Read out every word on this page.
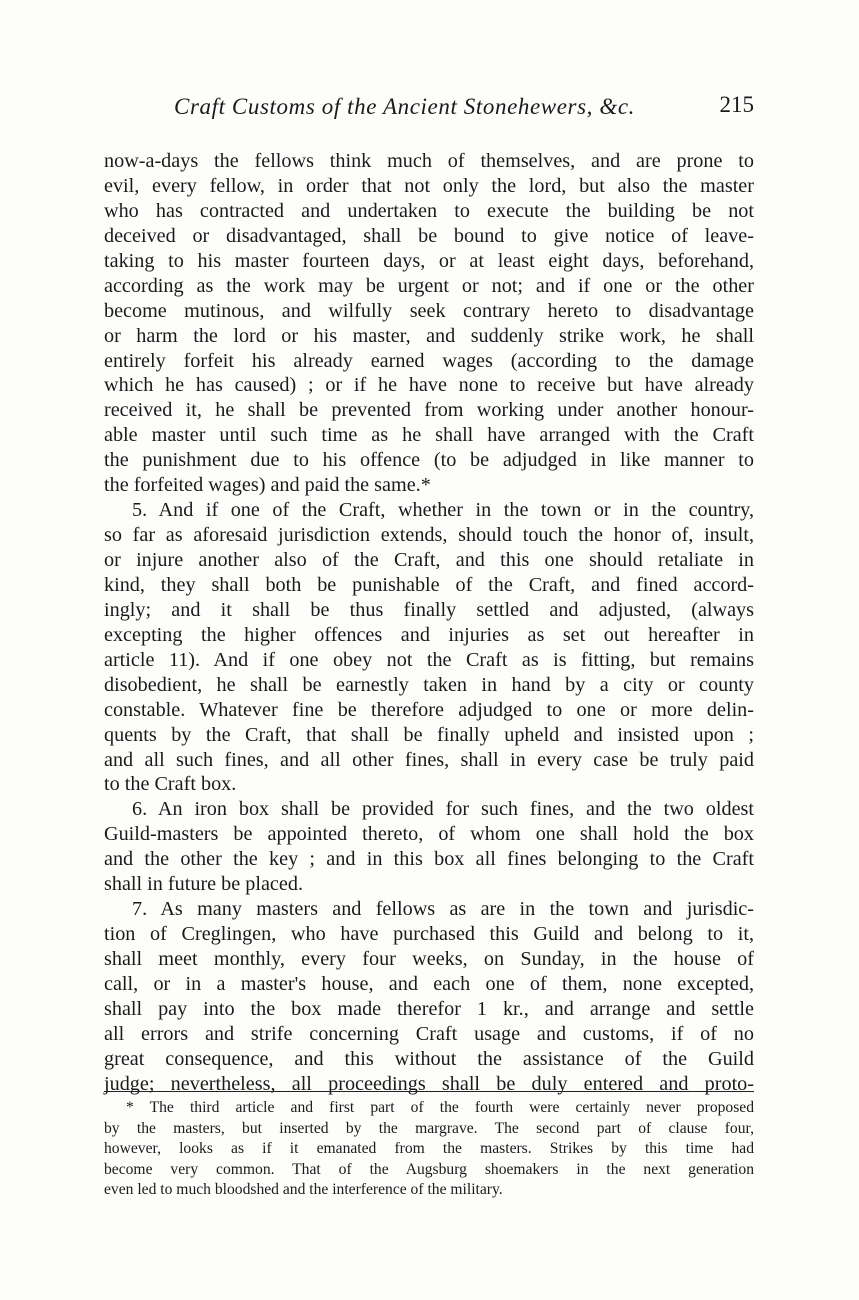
Craft Customs of the Ancient Stonehewers, &c.	215
now-a-days the fellows think much of themselves, and are prone to
evil, every fellow, in order that not only the lord, but also the master
who has contracted and undertaken to execute the building be not
deceived or disadvantaged, shall be bound to give notice of leave-
taking to his master fourteen days, or at least eight days, beforehand,
according as the work may be urgent or not; and if one or the other
become mutinous, and wilfully seek contrary hereto to disadvantage
or harm the lord or his master, and suddenly strike work, he shall
entirely forfeit his already earned wages (according to the damage
which he has caused) ; or if he have none to receive but have already
received it, he shall be prevented from working under another honour-
able master until such time as he shall have arranged with the Craft
the punishment due to his offence (to be adjudged in like manner to
the forfeited wages) and paid the same.*
5. And if one of the Craft, whether in the town or in the country,
so far as aforesaid jurisdiction extends, should touch the honor of, insult,
or injure another also of the Craft, and this one should retaliate in
kind, they shall both be punishable of the Craft, and fined accord-
ingly; and it shall be thus finally settled and adjusted, (always
excepting the higher offences and injuries as set out hereafter in
article 11). And if one obey not the Craft as is fitting, but remains
disobedient, he shall be earnestly taken in hand by a city or county
constable. Whatever fine be therefore adjudged to one or more delin-
quents by the Craft, that shall be finally upheld and insisted upon ;
and all such fines, and all other fines, shall in every case be truly paid
to the Craft box.
6. An iron box shall be provided for such fines, and the two oldest
Guild-masters be appointed thereto, of whom one shall hold the box
and the other the key ; and in this box all fines belonging to the Craft
shall in future be placed.
7. As many masters and fellows as are in the town and jurisdic-
tion of Creglingen, who have purchased this Guild and belong to it,
shall meet monthly, every four weeks, on Sunday, in the house of
call, or in a master's house, and each one of them, none excepted,
shall pay into the box made therefor 1 kr., and arrange and settle
all errors and strife concerning Craft usage and customs, if of no
great consequence, and this without the assistance of the Guild
judge; nevertheless, all proceedings shall be duly entered and proto-
* The third article and first part of the fourth were certainly never proposed
by the masters, but inserted by the margrave. The second part of clause four,
however, looks as if it emanated from the masters. Strikes by this time had
become very common. That of the Augsburg shoemakers in the next generation
even led to much bloodshed and the interference of the military.
